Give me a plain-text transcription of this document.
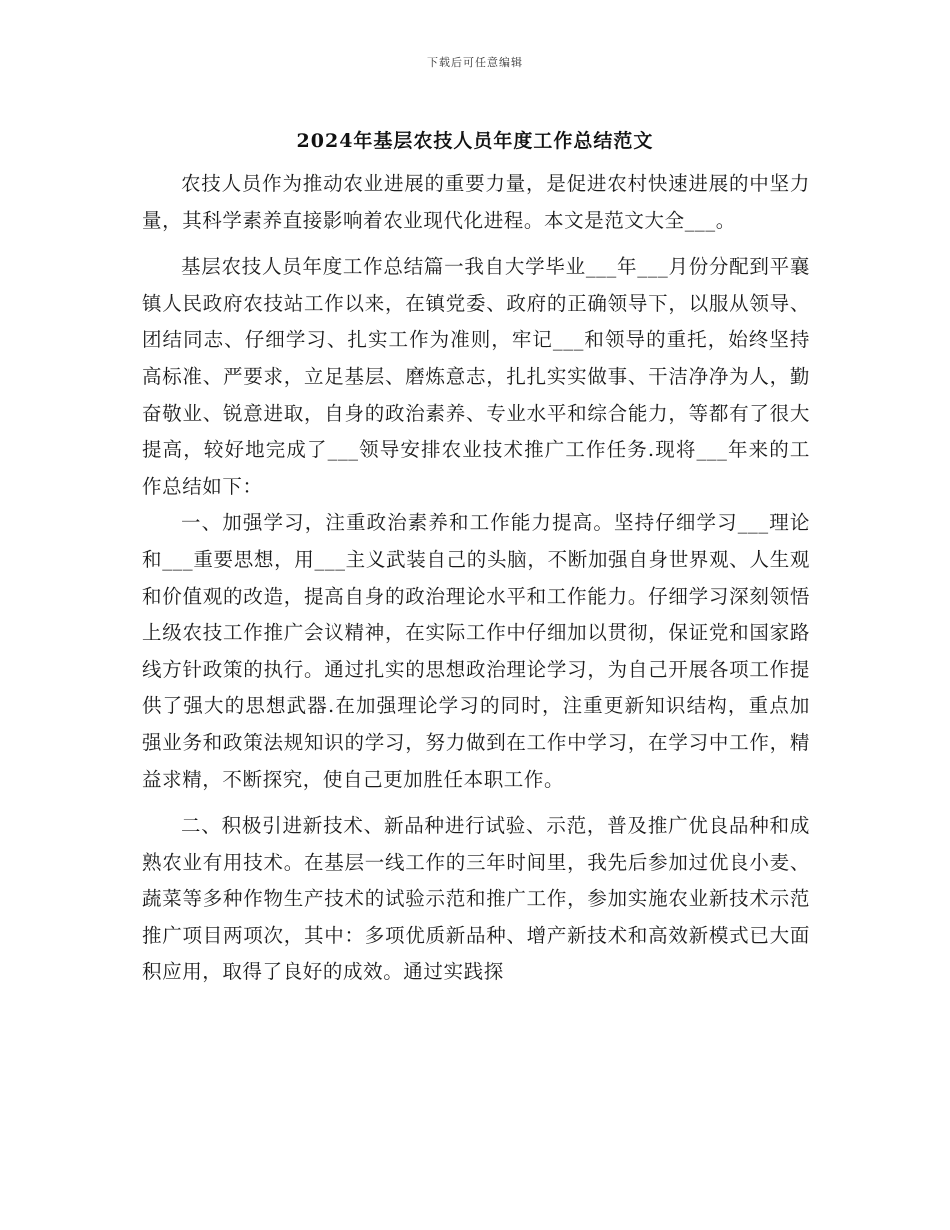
下载后可任意编辑
2024年基层农技人员年度工作总结范文

农技人员作为推动农业进展的重要力量，是促进农村快速进展的中坚力量，其科学素养直接影响着农业现代化进程。本文是范文大全___。

基层农技人员年度工作总结篇一我自大学毕业___年___月份分配到平襄镇人民政府农技站工作以来，在镇党委、政府的正确领导下，以服从领导、团结同志、仔细学习、扎实工作为准则，牢记___和领导的重托，始终坚持高标准、严要求，立足基层、磨炼意志，扎扎实实做事、干洁净净为人，勤奋敬业、锐意进取，自身的政治素养、专业水平和综合能力，等都有了很大提高，较好地完成了___领导安排农业技术推广工作任务.现将___年来的工作总结如下：

一、加强学习，注重政治素养和工作能力提高。坚持仔细学习___理论和___重要思想，用___主义武装自己的头脑，不断加强自身世界观、人生观和价值观的改造，提高自身的政治理论水平和工作能力。仔细学习深刻领悟上级农技工作推广会议精神，在实际工作中仔细加以贯彻，保证党和国家路线方针政策的执行。通过扎实的思想政治理论学习，为自己开展各项工作提供了强大的思想武器.在加强理论学习的同时，注重更新知识结构，重点加强业务和政策法规知识的学习，努力做到在工作中学习，在学习中工作，精益求精，不断探究，使自己更加胜任本职工作。

二、积极引进新技术、新品种进行试验、示范，普及推广优良品种和成熟农业有用技术。在基层一线工作的三年时间里，我先后参加过优良小麦、蔬菜等多种作物生产技术的试验示范和推广工作，参加实施农业新技术示范推广项目两项次，其中：多项优质新品种、增产新技术和高效新模式已大面积应用，取得了良好的成效。通过实践探
